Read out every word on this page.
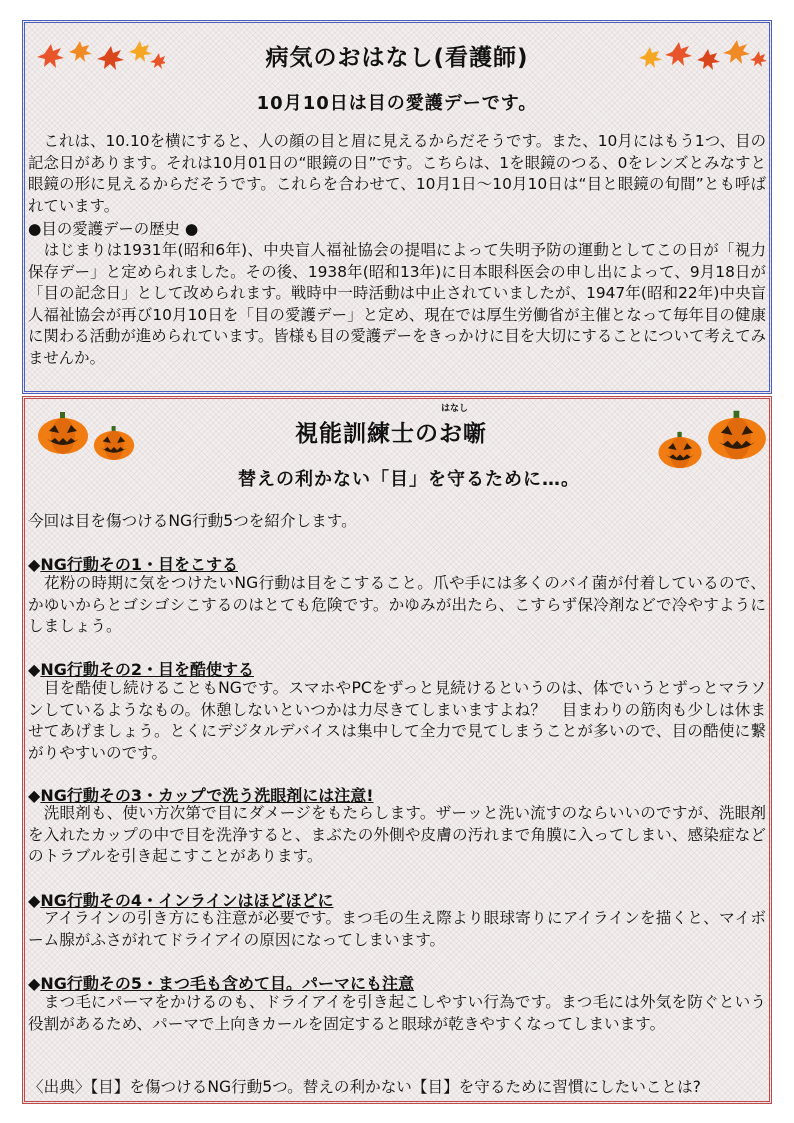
病気のおはなし(看護師)
10月10日は目の愛護デーです。

　これは、10.10を横にすると、人の顔の目と眉に見えるからだそうです。また、10月にはもう1つ、目の記念日があります。それは10月01日の“眼鏡の日”です。こちらは、1を眼鏡のつる、0をレンズとみなすと眼鏡の形に見えるからだそうです。これらを合わせて、10月1日～10月10日は“目と眼鏡の旬間”とも呼ばれています。

●目の愛護デーの歴史 ●

　はじまりは1931年(昭和6年)、中央盲人福祉協会の提唱によって失明予防の運動としてこの日が「視力保存デー」と定められました。その後、1938年(昭和13年)に日本眼科医会の申し出によって、9月18日が「目の記念日」として改められます。戦時中一時活動は中止されていましたが、1947年(昭和22年)中央盲人福祉協会が再び10月10日を「目の愛護デー」と定め、現在では厚生労働省が主催となって毎年目の健康に関わる活動が進められています。皆様も目の愛護デーをきっかけに目を大切にすることについて考えてみませんか。

はなし
視能訓練士のお噺
替えの利かない「目」を守るために…。

今回は目を傷つけるNG行動5つを紹介します。

◆NG行動その1・目をこする

　花粉の時期に気をつけたいNG行動は目をこすること。爪や手には多くのバイ菌が付着しているので、かゆいからとゴシゴシこするのはとても危険です。かゆみが出たら、こすらず保冷剤などで冷やすようにしましょう。

◆NG行動その2・目を酷使する

　目を酷使し続けることもNGです。スマホやPCをずっと見続けるというのは、体でいうとずっとマラソンしているようなもの。休憩しないといつかは力尽きてしまいますよね？　目まわりの筋肉も少しは休ませてあげましょう。とくにデジタルデバイスは集中して全力で見てしまうことが多いので、目の酷使に繋がりやすいのです。

◆NG行動その3・カップで洗う洗眼剤には注意!

　洗眼剤も、使い方次第で目にダメージをもたらします。ザーッと洗い流すのならいいのですが、洗眼剤を入れたカップの中で目を洗浄すると、まぶたの外側や皮膚の汚れまで角膜に入ってしまい、感染症などのトラブルを引き起こすことがあります。

◆NG行動その4・インラインはほどほどに

　アイラインの引き方にも注意が必要です。まつ毛の生え際より眼球寄りにアイラインを描くと、マイボーム腺がふさがれてドライアイの原因になってしまいます。

◆NG行動その5・まつ毛も含めて目。パーマにも注意

　まつ毛にパーマをかけるのも、ドライアイを引き起こしやすい行為です。まつ毛には外気を防ぐという役割があるため、パーマで上向きカールを固定すると眼球が乾きやすくなってしまいます。

〈出典〉【目】を傷つけるNG行動5つ。替えの利かない【目】を守るために習慣にしたいことは?
